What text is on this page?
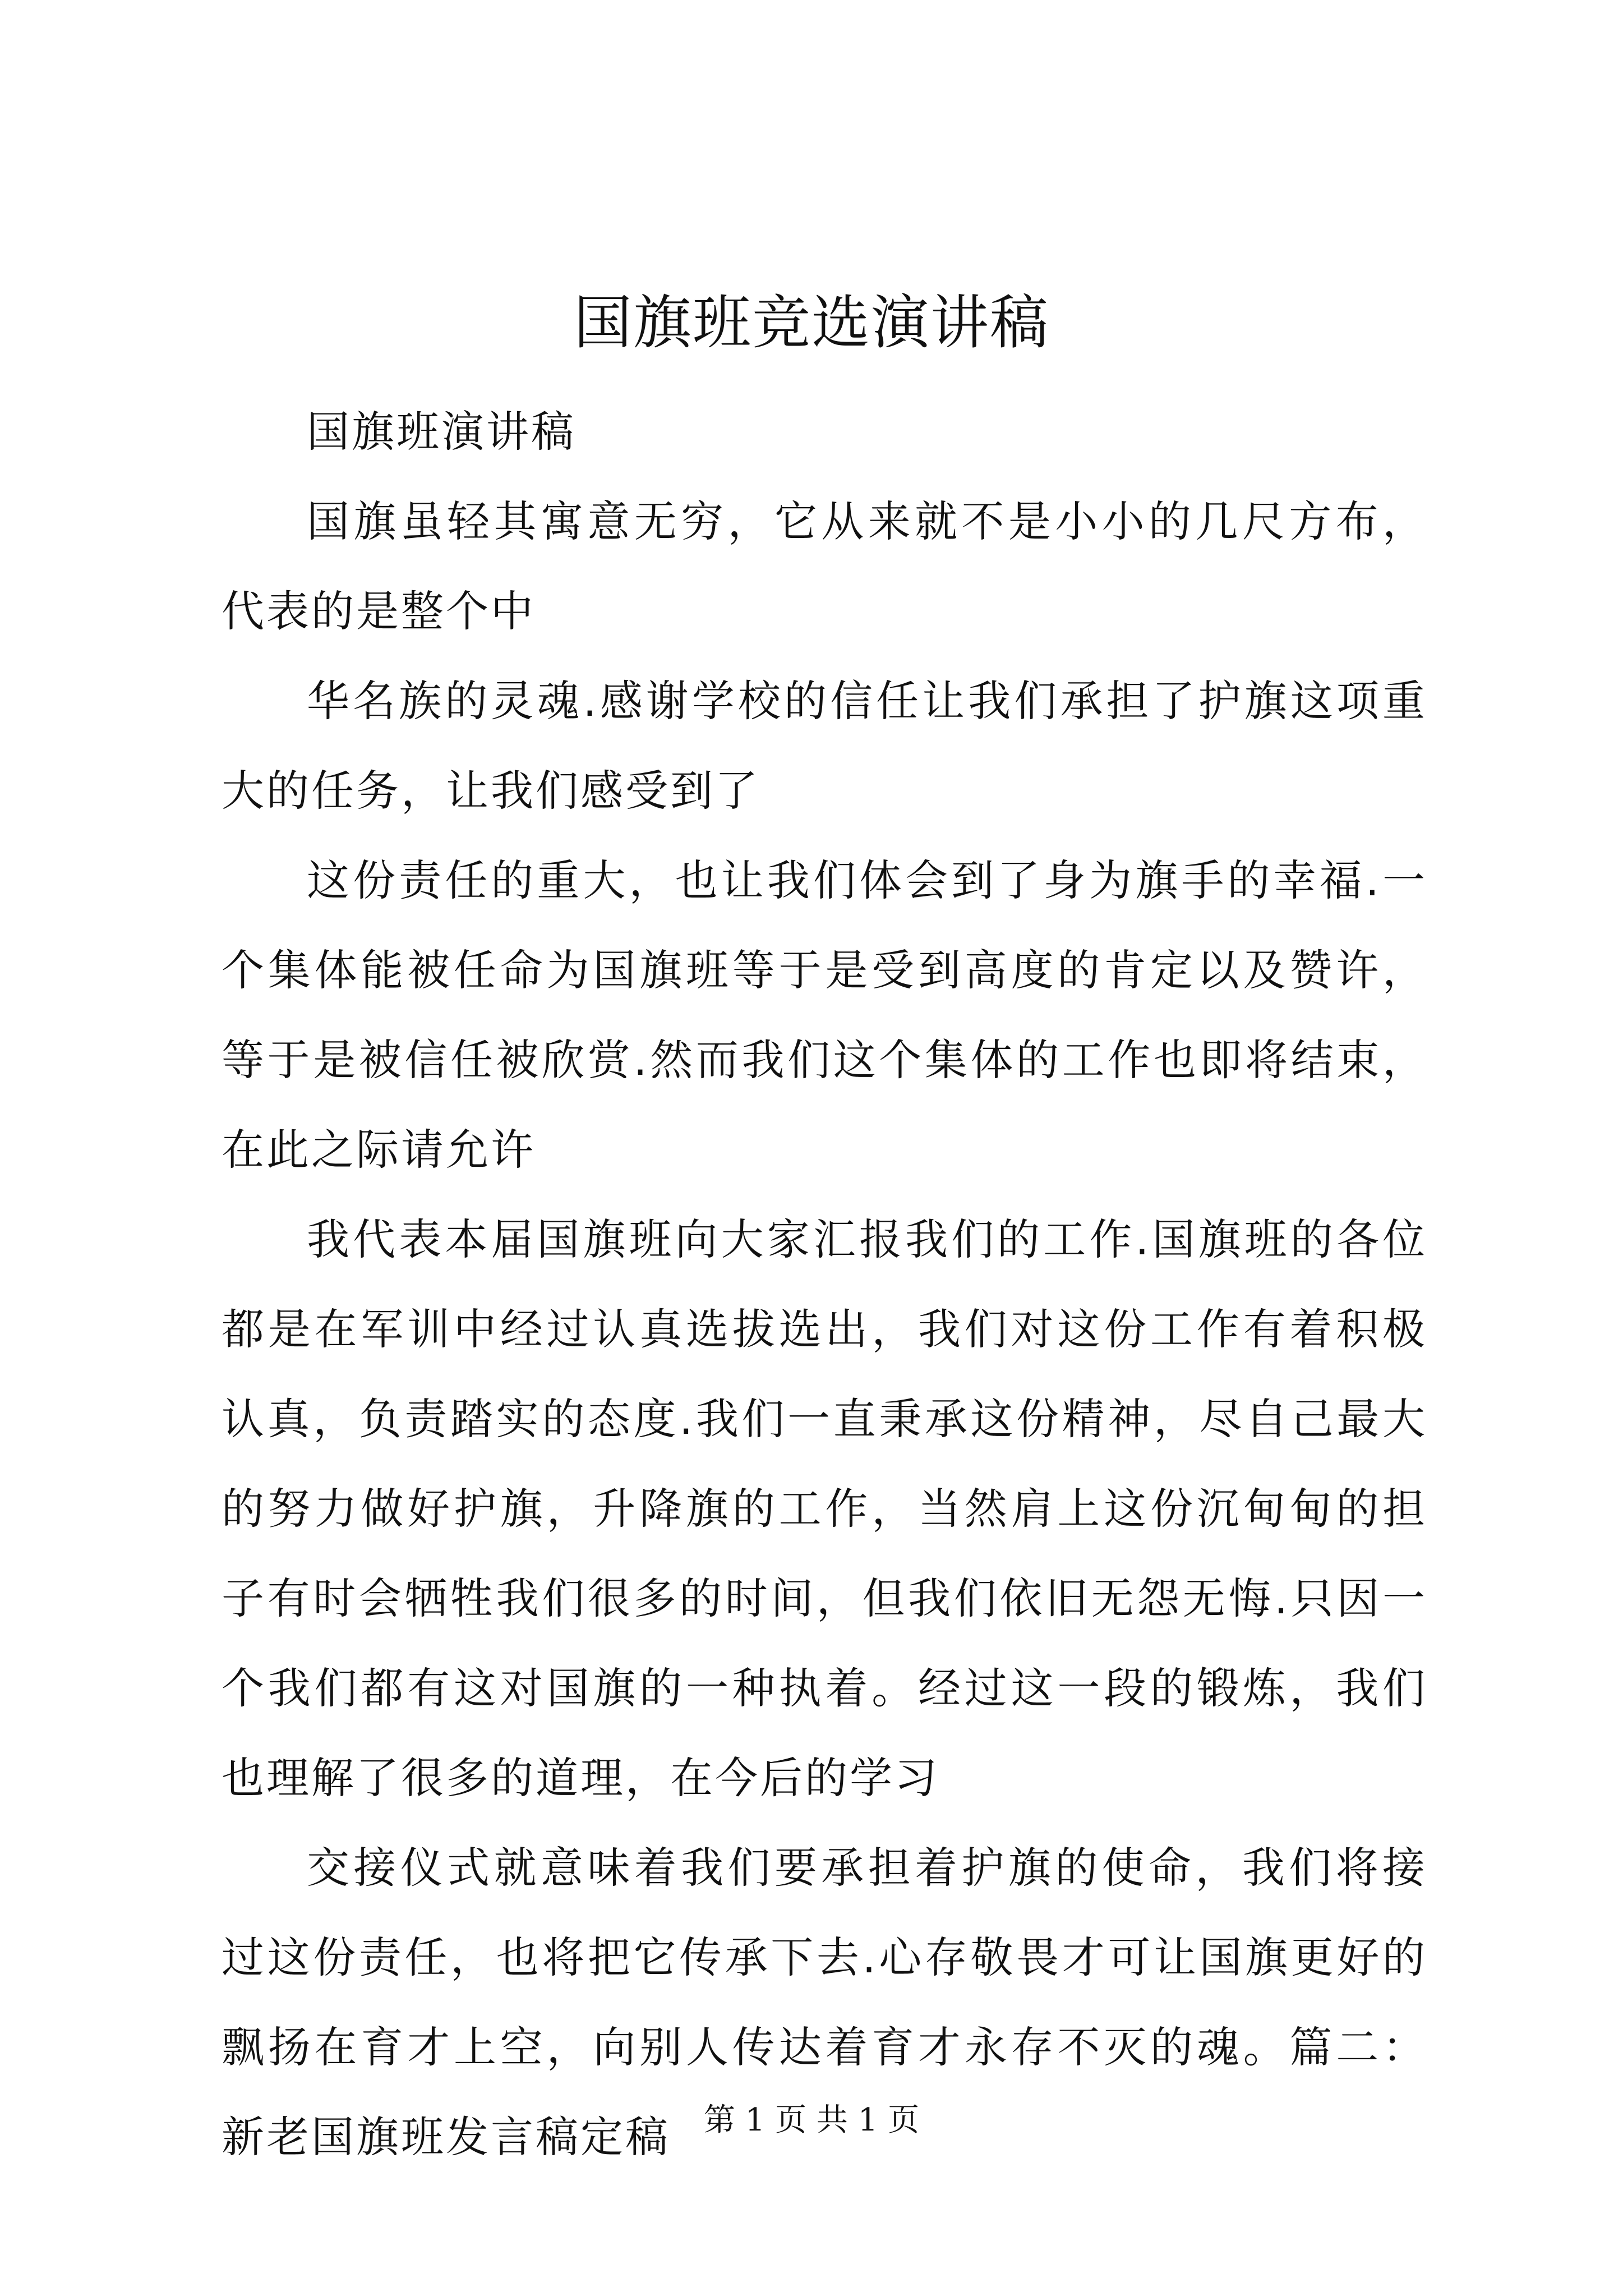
国旗班竞选演讲稿

国旗班演讲稿

国旗虽轻其寓意无穷，它从来就不是小小的几尺方布，代表的是整个中

华名族的灵魂.感谢学校的信任让我们承担了护旗这项重大的任务，让我们感受到了

这份责任的重大，也让我们体会到了身为旗手的幸福.一个集体能被任命为国旗班等于是受到高度的肯定以及赞许，等于是被信任被欣赏.然而我们这个集体的工作也即将结束，在此之际请允许

我代表本届国旗班向大家汇报我们的工作.国旗班的各位都是在军训中经过认真选拔选出，我们对这份工作有着积极认真，负责踏实的态度.我们一直秉承这份精神，尽自己最大的努力做好护旗，升降旗的工作，当然肩上这份沉甸甸的担子有时会牺牲我们很多的时间，但我们依旧无怨无悔.只因一个我们都有这对国旗的一种执着。经过这一段的锻炼，我们也理解了很多的道理，在今后的学习

交接仪式就意味着我们要承担着护旗的使命，我们将接过这份责任，也将把它传承下去.心存敬畏才可让国旗更好的飘扬在育才上空，向别人传达着育才永存不灭的魂。篇二：新老国旗班发言稿定稿	第 1 页 共 1 页
